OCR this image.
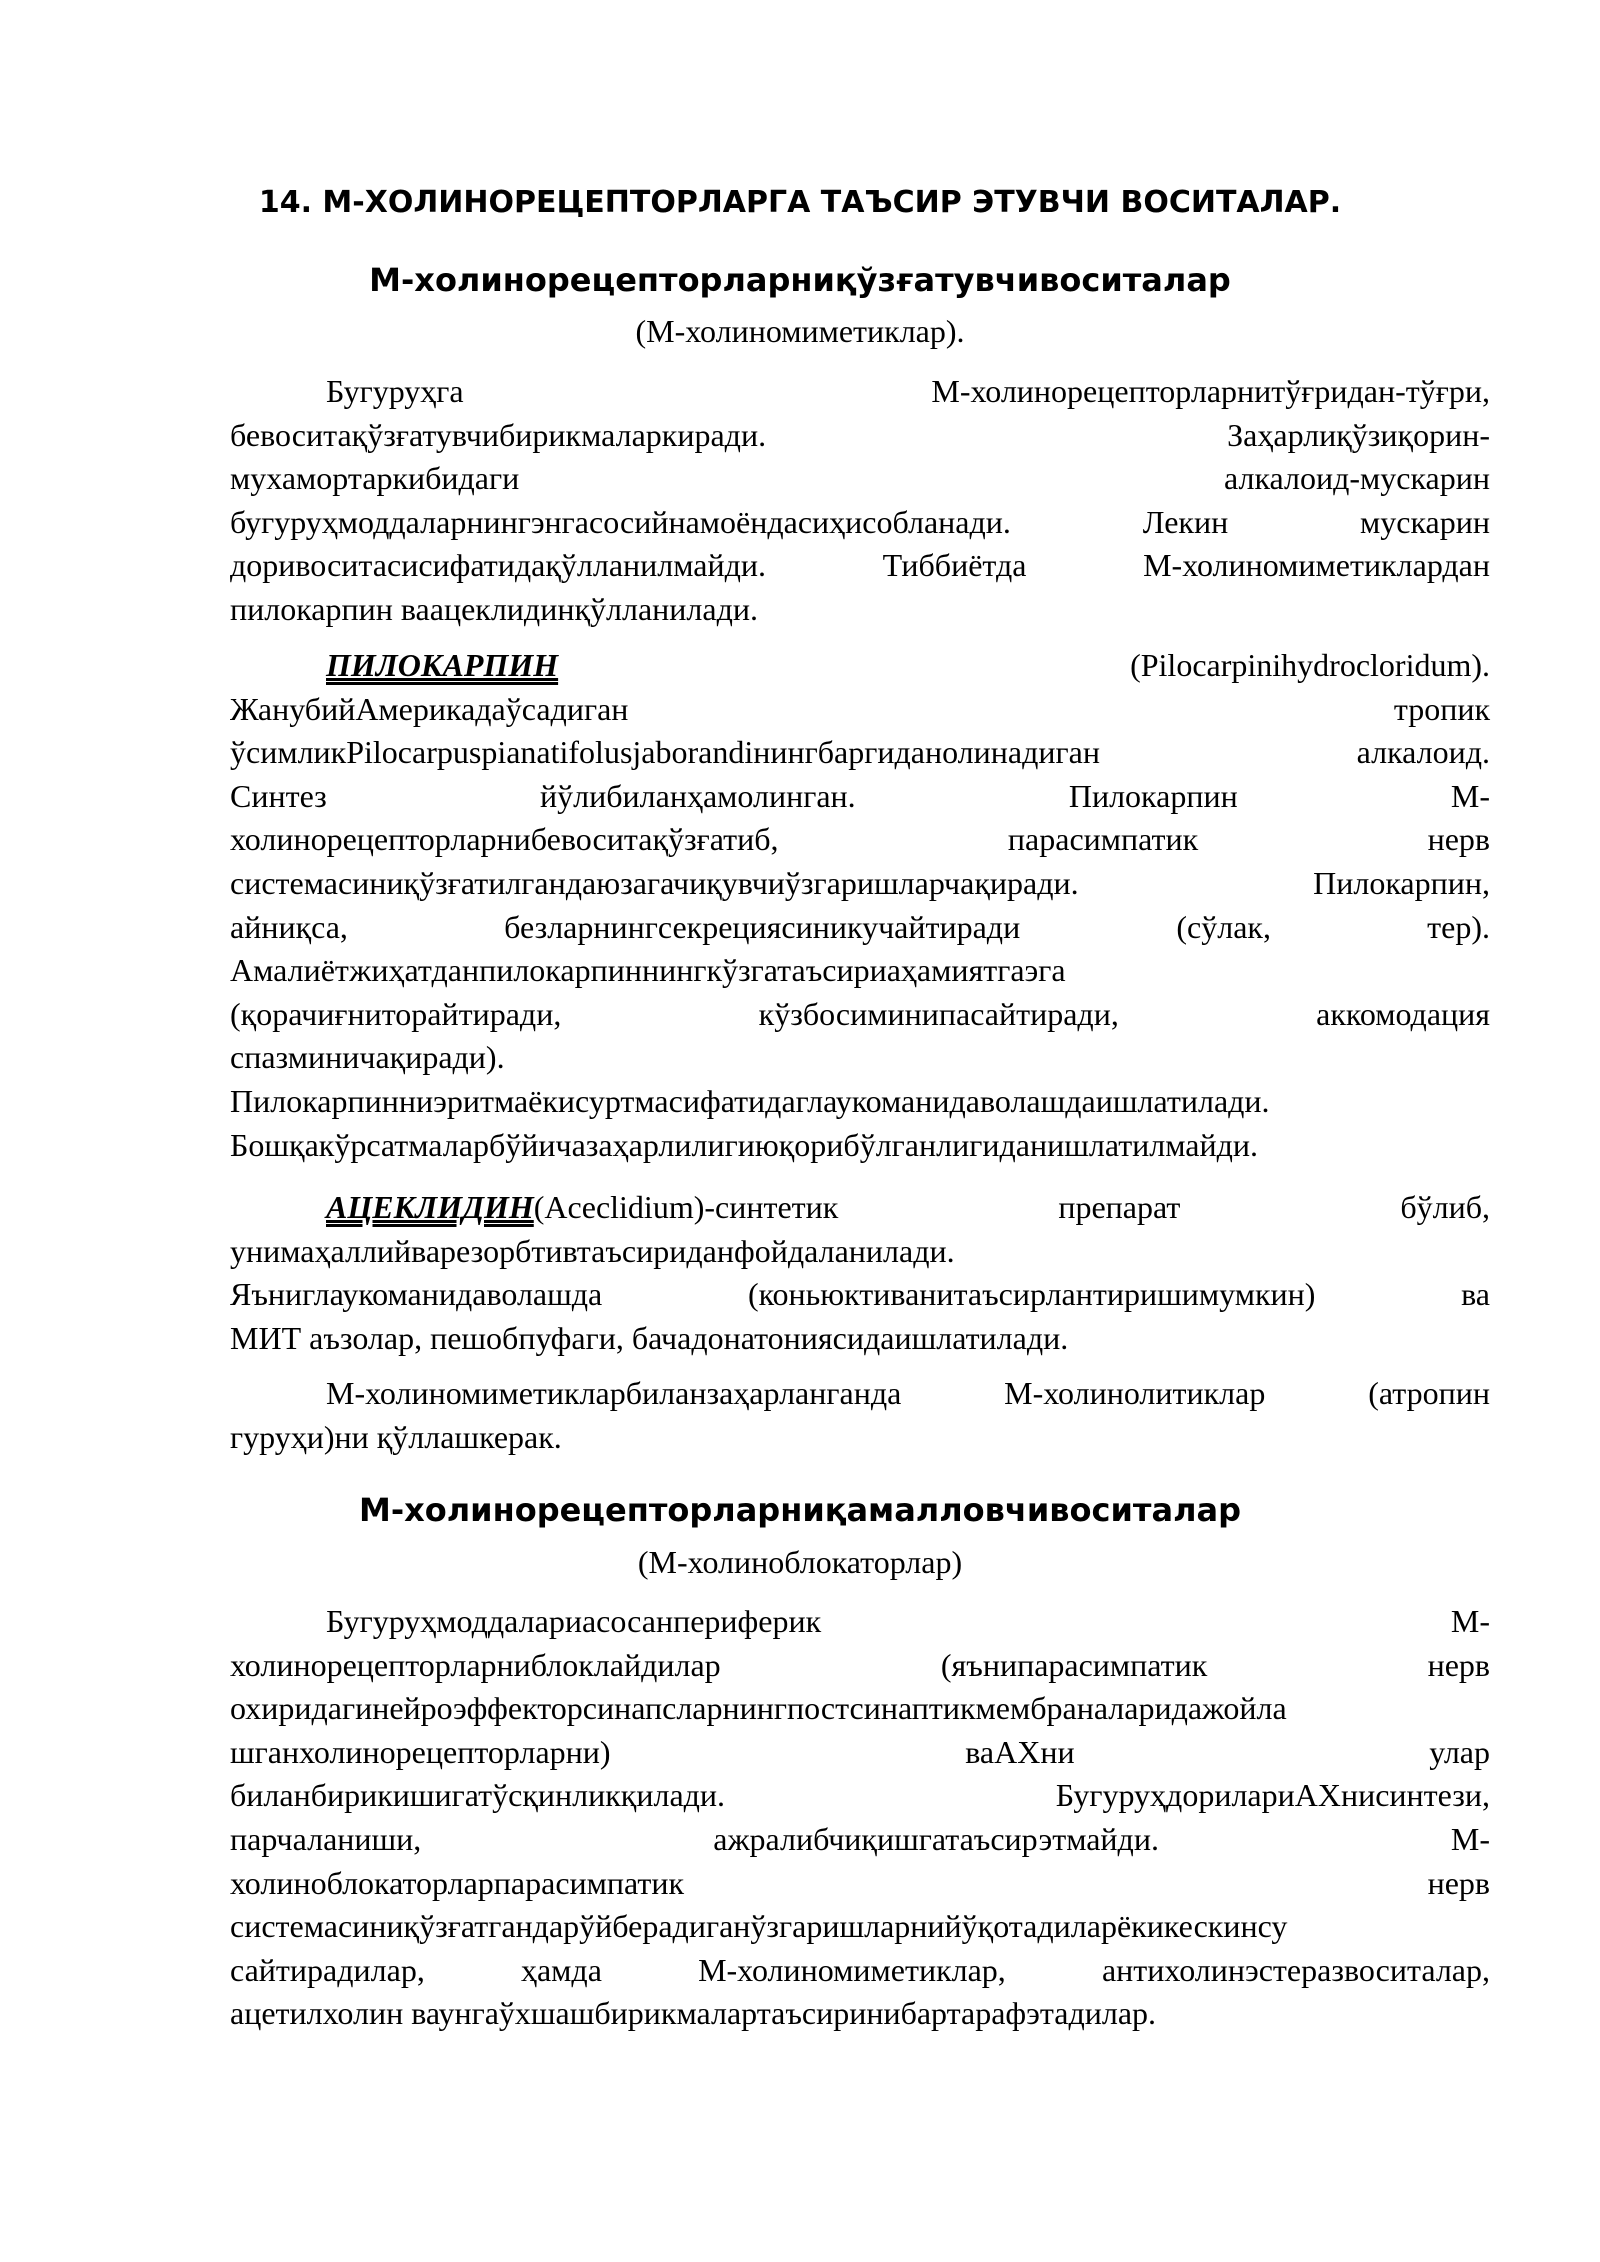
14. М-ХОЛИНОРЕЦЕПТОРЛАРГА ТАЪСИР ЭТУВЧИ ВОСИТАЛАР.
М-холинорецепторларниқўзғатувчивоситалар
(М-холиномиметиклар).
Бугуруҳга М-холинорецепторларнитўғридан-тўғри,
бевоситақўзғатувчибирикмаларкиради. Заҳарлиқўзиқорин-
мухамортаркибидаги алкалоид-мускарин
бугуруҳмоддаларнингэнгасосийнамоёндасиҳисобланади. Лекин мускарин
доривоситасисифатидақўлланилмайди. Тиббиётда М-холиномиметиклардан
пилокарпин ваацеклидинқўлланилади.
ПИЛОКАРПИН	(Pilocarpinihydrocloridum).
ЖанубийАмерикадаўсадиган тропик
ўсимликPilocarpuspianatifolusjaborandiнингбаргиданолинадиган алкалоид.
Синтез йўлибиланҳамолинган. Пилокарпин М-
холинорецепторларнибевоситақўзғатиб, парасимпатик нерв
системасиниқўзғатилгандаюзагачиқувчиўзгаришларчақиради. Пилокарпин,
айниқса, безларнингсекрециясиникучайтиради (сўлак, тер).
Амалиётжиҳатданпилокарпиннингкўзгатаъсириаҳамиятгаэга
(қорачиғниторайтиради, кўзбосиминипасайтиради, аккомодация
спазминичақиради).
Пилокарпинниэритмаёкисуртмасифатидаглаукоманидаволашдаишлатилади.
Бошқакўрсатмаларбўйичазаҳарлилигиюқорибўлганлигиданишлатилмайди.
АЦЕКЛИДИН(Aceclidium)-синтетик препарат бўлиб,
унимаҳаллийварезорбтивтаъсириданфойдаланилади.
Яъниглаукоманидаволашда (коньюктиванитаъсирлантиришимумкин) ва
МИТ аъзолар, пешобпуфаги, бачадонатониясидаишлатилади.
М-холиномиметикларбиланзаҳарланганда М-холинолитиклар (атропин
гуруҳи)ни қўллашкерак.
М-холинорецепторларниқамалловчивоситалар
(М-холиноблокаторлар)
Бугуруҳмоддалариасосанпериферик М-
холинорецепторларниблоклайдилар (яънипарасимпатик нерв
охиридагинейроэффекторсинапсларнингпостсинаптикмембраналаридажойла
шганхолинорецепторларни) ваАХни улар
биланбирикишигатўсқинликқилади. БугуруҳдорилариАХнисинтези,
парчаланиши, ажралибчиқишгатаъсирэтмайди. М-
холиноблокаторларпарасимпатик нерв
системасиниқўзғатгандарўйберадиганўзгаришларнийўқотадиларёкикескинсу
сайтирадилар, ҳамда М-холиномиметиклар, антихолинэстеразвоситалар,
ацетилхолин ваунгаўхшашбирикмалартаъсиринибартарафэтадилар.
